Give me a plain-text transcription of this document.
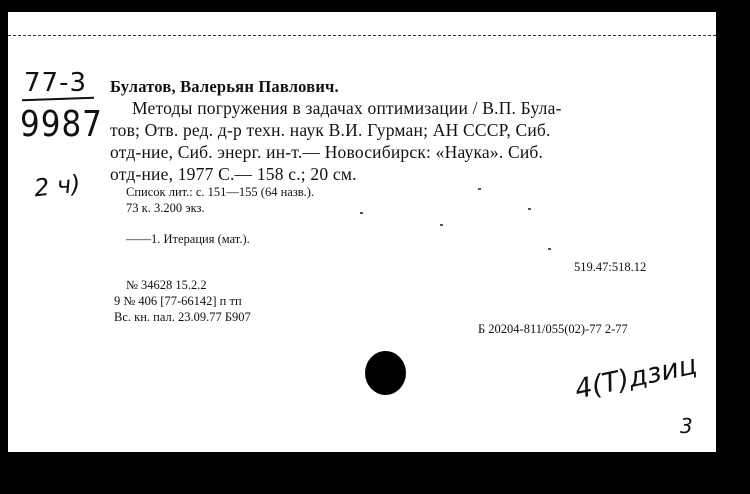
77-3
9987
2 ч)
Булатов, Валерьян Павлович.
Методы погружения в задачах оптимизации / В.П. Була-
тов; Отв. ред. д-р техн. наук В.И. Гурман; АН СССР, Сиб.
отд-ние, Сиб. энерг. ин-т.— Новосибирск: «Наука». Сиб.
отд-ние, 1977 С.— 158 с.; 20 см.
Список лит.: с. 151—155 (64 назв.).
73 к. 3.200 экз.
——1. Итерация (мат.).
519.47:518.12
№ 34628 15.2.2
9 № 406 [77-66142] п тп
Вс. кн. пал. 23.09.77 Б907
Б 20204-811/055(02)-77 2-77
4(Т)дзиц
3
